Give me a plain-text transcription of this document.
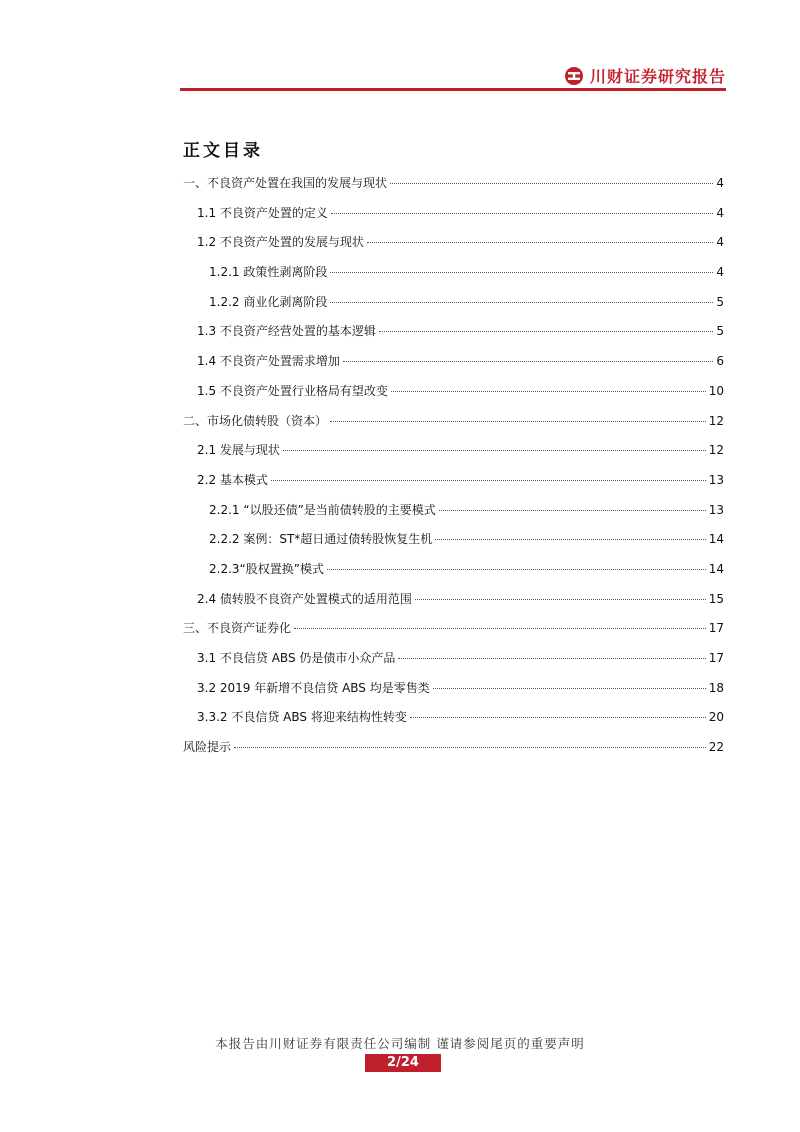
川财证券研究报告
正文目录
一、不良资产处置在我国的发展与现状	4
1.1 不良资产处置的定义	4
1.2 不良资产处置的发展与现状	4
1.2.1 政策性剥离阶段	4
1.2.2 商业化剥离阶段	5
1.3 不良资产经营处置的基本逻辑	5
1.4 不良资产处置需求增加	6
1.5 不良资产处置行业格局有望改变	10
二、市场化债转股（资本）	12
2.1 发展与现状	12
2.2 基本模式	13
2.2.1 “以股还债”是当前债转股的主要模式	13
2.2.2 案例：ST*超日通过债转股恢复生机	14
2.2.3“股权置换”模式	14
2.4 债转股不良资产处置模式的适用范围	15
三、不良资产证券化	17
3.1 不良信贷 ABS 仍是债市小众产品	17
3.2 2019 年新增不良信贷 ABS 均是零售类	18
3.3.2 不良信贷 ABS 将迎来结构性转变	20
风险提示	22
本报告由川财证券有限责任公司编制 谨请参阅尾页的重要声明
2/24
